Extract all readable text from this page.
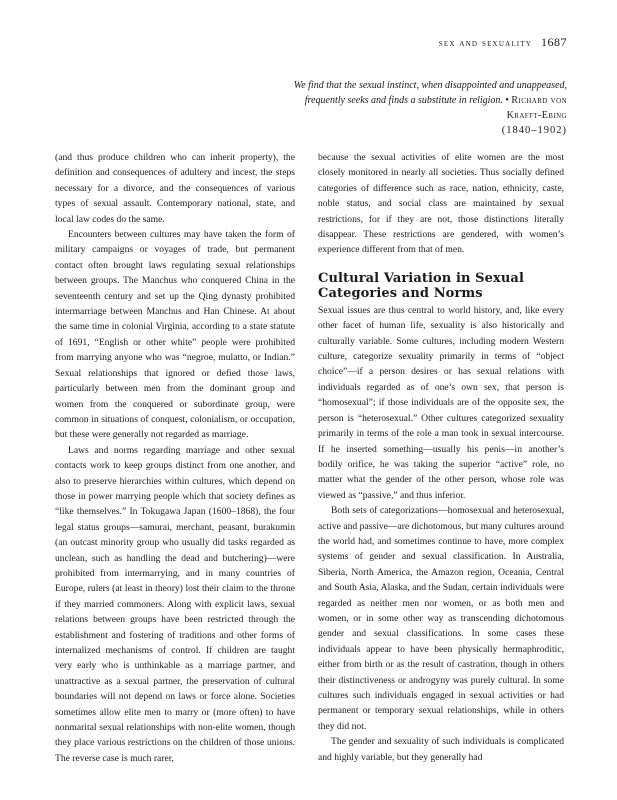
sex and sexuality 1687
We find that the sexual instinct, when disappointed and unappeased, frequently seeks and finds a substitute in religion. • Richard von Krafft-Ebing
(1840–1902)

(and thus produce children who can inherit property), the definition and consequences of adultery and incest, the steps necessary for a divorce, and the consequences of various types of sexual assault. Contemporary national, state, and local law codes do the same.

Encounters between cultures may have taken the form of military campaigns or voyages of trade, but permanent contact often brought laws regulating sexual relationships between groups. The Manchus who conquered China in the seventeenth century and set up the Qing dynasty prohibited intermarriage between Manchus and Han Chinese. At about the same time in colonial Virginia, according to a state statute of 1691, “English or other white” people were prohibited from marrying anyone who was “negroe, mulatto, or Indian.” Sexual relationships that ignored or defied those laws, particularly between men from the dominant group and women from the conquered or subordinate group, were common in situations of conquest, colonialism, or occupation, but these were generally not regarded as marriage.

Laws and norms regarding marriage and other sexual contacts work to keep groups distinct from one another, and also to preserve hierarchies within cultures, which depend on those in power marrying people which that society defines as “like themselves.” In Tokugawa Japan (1600–1868), the four legal status groups—samurai, merchant, peasant, burakumin (an outcast minority group who usually did tasks regarded as unclean, such as handling the dead and butchering)—were prohibited from intermarrying, and in many countries of Europe, rulers (at least in theory) lost their claim to the throne if they married commoners. Along with explicit laws, sexual relations between groups have been restricted through the establishment and fostering of traditions and other forms of internalized mechanisms of control. If children are taught very early who is unthinkable as a marriage partner, and unattractive as a sexual partner, the preservation of cultural boundaries will not depend on laws or force alone. Societies sometimes allow elite men to marry or (more often) to have nonmarital sexual relationships with non-elite women, though they place various restrictions on the children of those unions. The reverse case is much rarer,

because the sexual activities of elite women are the most closely monitored in nearly all societies. Thus socially defined categories of difference such as race, nation, ethnicity, caste, noble status, and social class are maintained by sexual restrictions, for if they are not, those distinctions literally disappear. These restrictions are gendered, with women’s experience different from that of men.

Cultural Variation in Sexual Categories and Norms

Sexual issues are thus central to world history, and, like every other facet of human life, sexuality is also historically and culturally variable. Some cultures, including modern Western culture, categorize sexuality primarily in terms of “object choice”—if a person desires or has sexual relations with individuals regarded as of one’s own sex, that person is “homosexual”; if those individuals are of the opposite sex, the person is “heterosexual.” Other cultures categorized sexuality primarily in terms of the role a man took in sexual intercourse. If he inserted something—usually his penis—in another’s bodily orifice, he was taking the superior “active” role, no matter what the gender of the other person, whose role was viewed as “passive,” and thus inferior.

Both sets of categorizations—homosexual and heterosexual, active and passive—are dichotomous, but many cultures around the world had, and sometimes continue to have, more complex systems of gender and sexual classification. In Australia, Siberia, North America, the Amazon region, Oceania, Central and South Asia, Alaska, and the Sudan, certain individuals were regarded as neither men nor women, or as both men and women, or in some other way as transcending dichotomous gender and sexual classifications. In some cases these individuals appear to have been physically hermaphroditic, either from birth or as the result of castration, though in others their distinctiveness or androgyny was purely cultural. In some cultures such individuals engaged in sexual activities or had permanent or temporary sexual relationships, while in others they did not.

The gender and sexuality of such individuals is complicated and highly variable, but they generally had
